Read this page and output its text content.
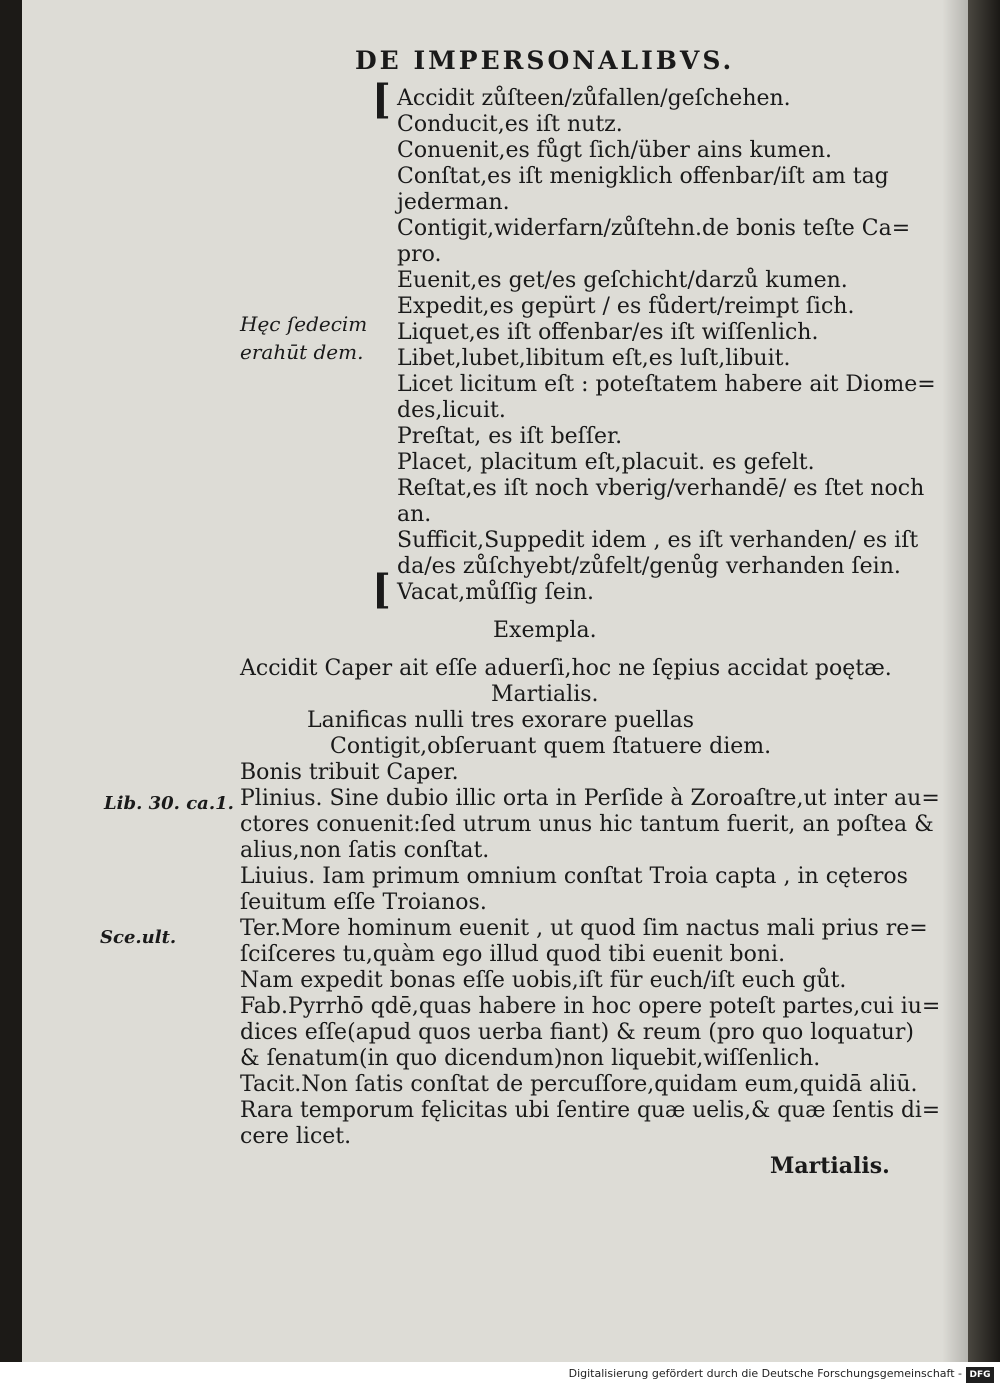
DE IMPERSONALIBVS.
[
[
Hęc ſedecim
erahūt dem.
Accidit zůſteen/zůfallen/geſchehen.
Conducit,es iſt nutz.
Conuenit,es fůgt ſich/über ains kumen.
Conſtat,es iſt menigklich offenbar/iſt am tag
jederman.
Contigit,widerfarn/zůſtehn.de bonis teſte Ca=
pro.
Euenit,es get/es geſchicht/darzů kumen.
Expedit,es gepürt / es fůdert/reimpt ſich.
Liquet,es iſt offenbar/es iſt wiſſenlich.
Libet,lubet,libitum eſt,es luſt,libuit.
Licet licitum eſt : poteſtatem habere ait Diome=
des,licuit.
Preſtat, es iſt beſſer.
Placet, placitum eſt,placuit. es gefelt.
Reſtat,es iſt noch vberig/verhandē/ es ſtet noch
an.
Sufficit,Suppedit idem , es iſt verhanden/ es iſt
da/es zůſchyebt/zůfelt/genůg verhanden ſein.
Vacat,můſſig ſein.
Exempla.
Accidit Caper ait eſſe aduerſi,hoc ne ſępius accidat poętæ.
Martialis.
Lanificas nulli tres exorare puellas
Contigit,obſeruant quem ſtatuere diem.
Bonis tribuit Caper.
Lib. 30. ca.1. Plinius. Sine dubio illic orta in Perſide à Zoroaſtre,ut inter au=
ctores conuenit:ſed utrum unus hic tantum fuerit, an poſtea &
alius,non ſatis conſtat.
Liuius. Iam primum omnium conſtat Troia capta , in cęteros
ſeuitum eſſe Troianos.
Sce.ult.	Ter.More hominum euenit , ut quod ſim nactus mali prius re=
ſciſceres tu,quàm ego illud quod tibi euenit boni.
Nam expedit bonas eſſe uobis,iſt für euch/iſt euch gůt.
Fab.Pyrrhō qdē,quas habere in hoc opere poteſt partes,cui iu=
dices eſſe(apud quos uerba fiant) & reum (pro quo loquatur)
& ſenatum(in quo dicendum)non liquebit,wiſſenlich.
Tacit.Non ſatis conſtat de percuſſore,quidam eum,quidā aliū.
Rara temporum fęlicitas ubi ſentire quæ uelis,& quæ ſentis di=
cere licet.
Martialis.
Digitalisierung gefördert durch die Deutsche Forschungsgemeinschaft - DFG
